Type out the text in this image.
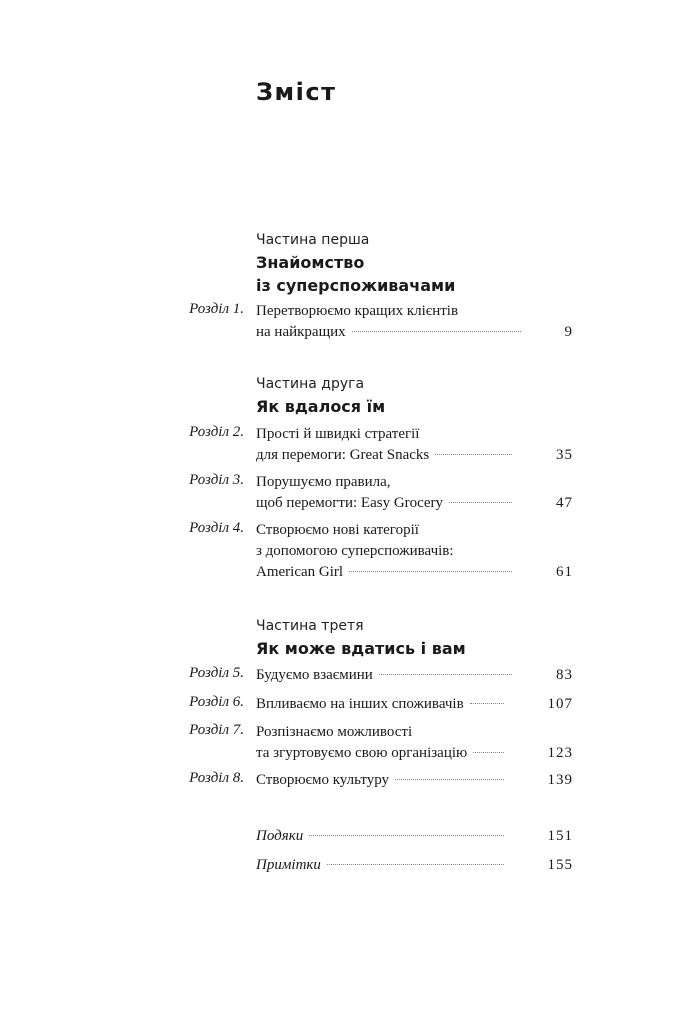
Зміст
Частина перша
Знайомство
із суперспоживачами
Розділ 1. Перетворюємо кращих клієнтів
на найкращих	9
Частина друга
Як вдалося їм
Розділ 2. Прості й швидкі стратегії
для перемоги: Great Snacks	35
Розділ 3. Порушуємо правила,
щоб перемогти: Easy Grocery	47
Розділ 4. Створюємо нові категорії
з допомогою суперспоживачів:
American Girl	61
Частина третя
Як може вдатись і вам
Розділ 5. Будуємо взаємини	83
Розділ 6. Впливаємо на інших споживачів	107
Розділ 7. Розпізнаємо можливості
та згуртовуємо свою організацію	123
Розділ 8. Створюємо культуру	139
Подяки	151
Примітки	155
